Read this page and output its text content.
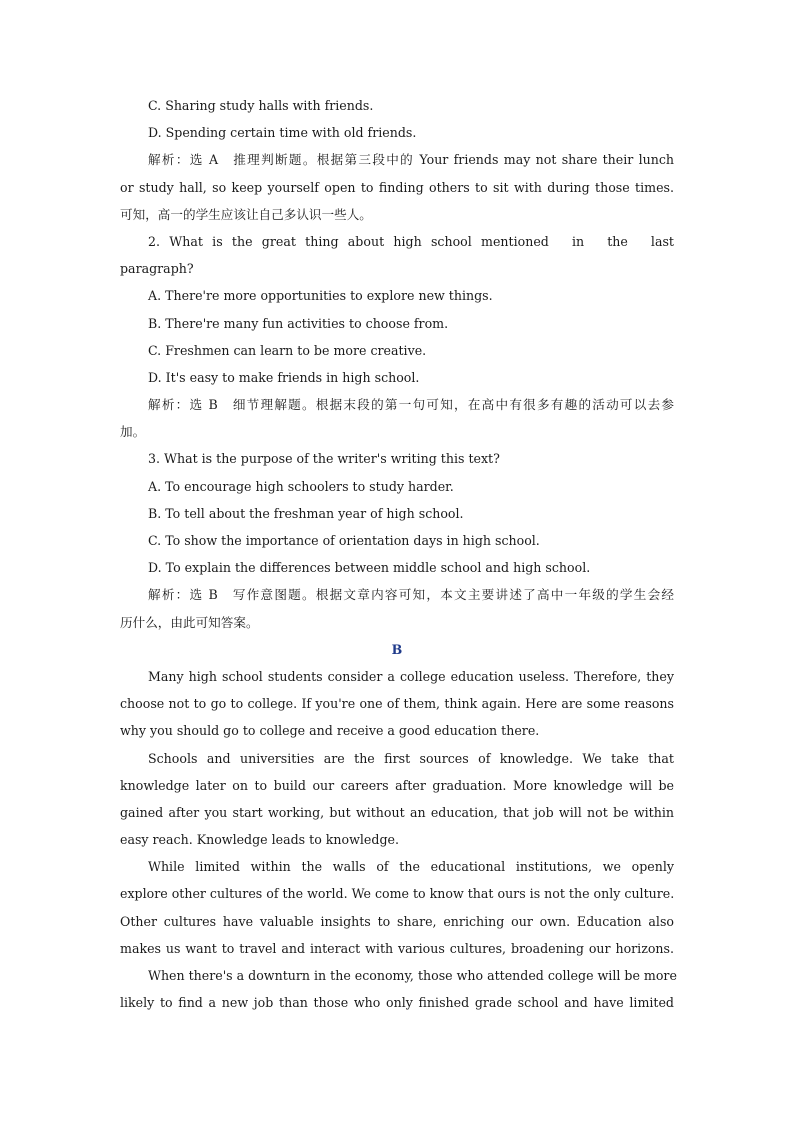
C. Sharing study halls with friends.
D. Spending certain time with old friends.
解析：选 A　推理判断题。根据第三段中的 Your friends may not share their lunch
or study hall, so keep yourself open to finding others to sit with during those times.
可知，高一的学生应该让自己多认识一些人。
2. What is the great thing about high school mentioned　in　the　last
paragraph?
A. There're more opportunities to explore new things.
B. There're many fun activities to choose from.
C. Freshmen can learn to be more creative.
D. It's easy to make friends in high school.
解析：选 B　细节理解题。根据末段的第一句可知，在高中有很多有趣的活动可以去参
加。
3. What is the purpose of the writer's writing this text?
A. To encourage high schoolers to study harder.
B. To tell about the freshman year of high school.
C. To show the importance of orientation days in high school.
D. To explain the differences between middle school and high school.
解析：选 B　写作意图题。根据文章内容可知，本文主要讲述了高中一年级的学生会经
历什么，由此可知答案。
B
Many high school students consider a college education useless. Therefore, they
choose not to go to college. If you're one of them, think again. Here are some reasons
why you should go to college and receive a good education there.
Schools and universities are the first sources of knowledge. We take that
knowledge later on to build our careers after graduation. More knowledge will be
gained after you start working, but without an education, that job will not be within
easy reach. Knowledge leads to knowledge.
While limited within the walls of the educational institutions, we openly
explore other cultures of the world. We come to know that ours is not the only culture.
Other cultures have valuable insights to share, enriching our own. Education also
makes us want to travel and interact with various cultures, broadening our horizons.
When there's a downturn in the economy, those who attended college will be more
likely to find a new job than those who only finished grade school and have limited
